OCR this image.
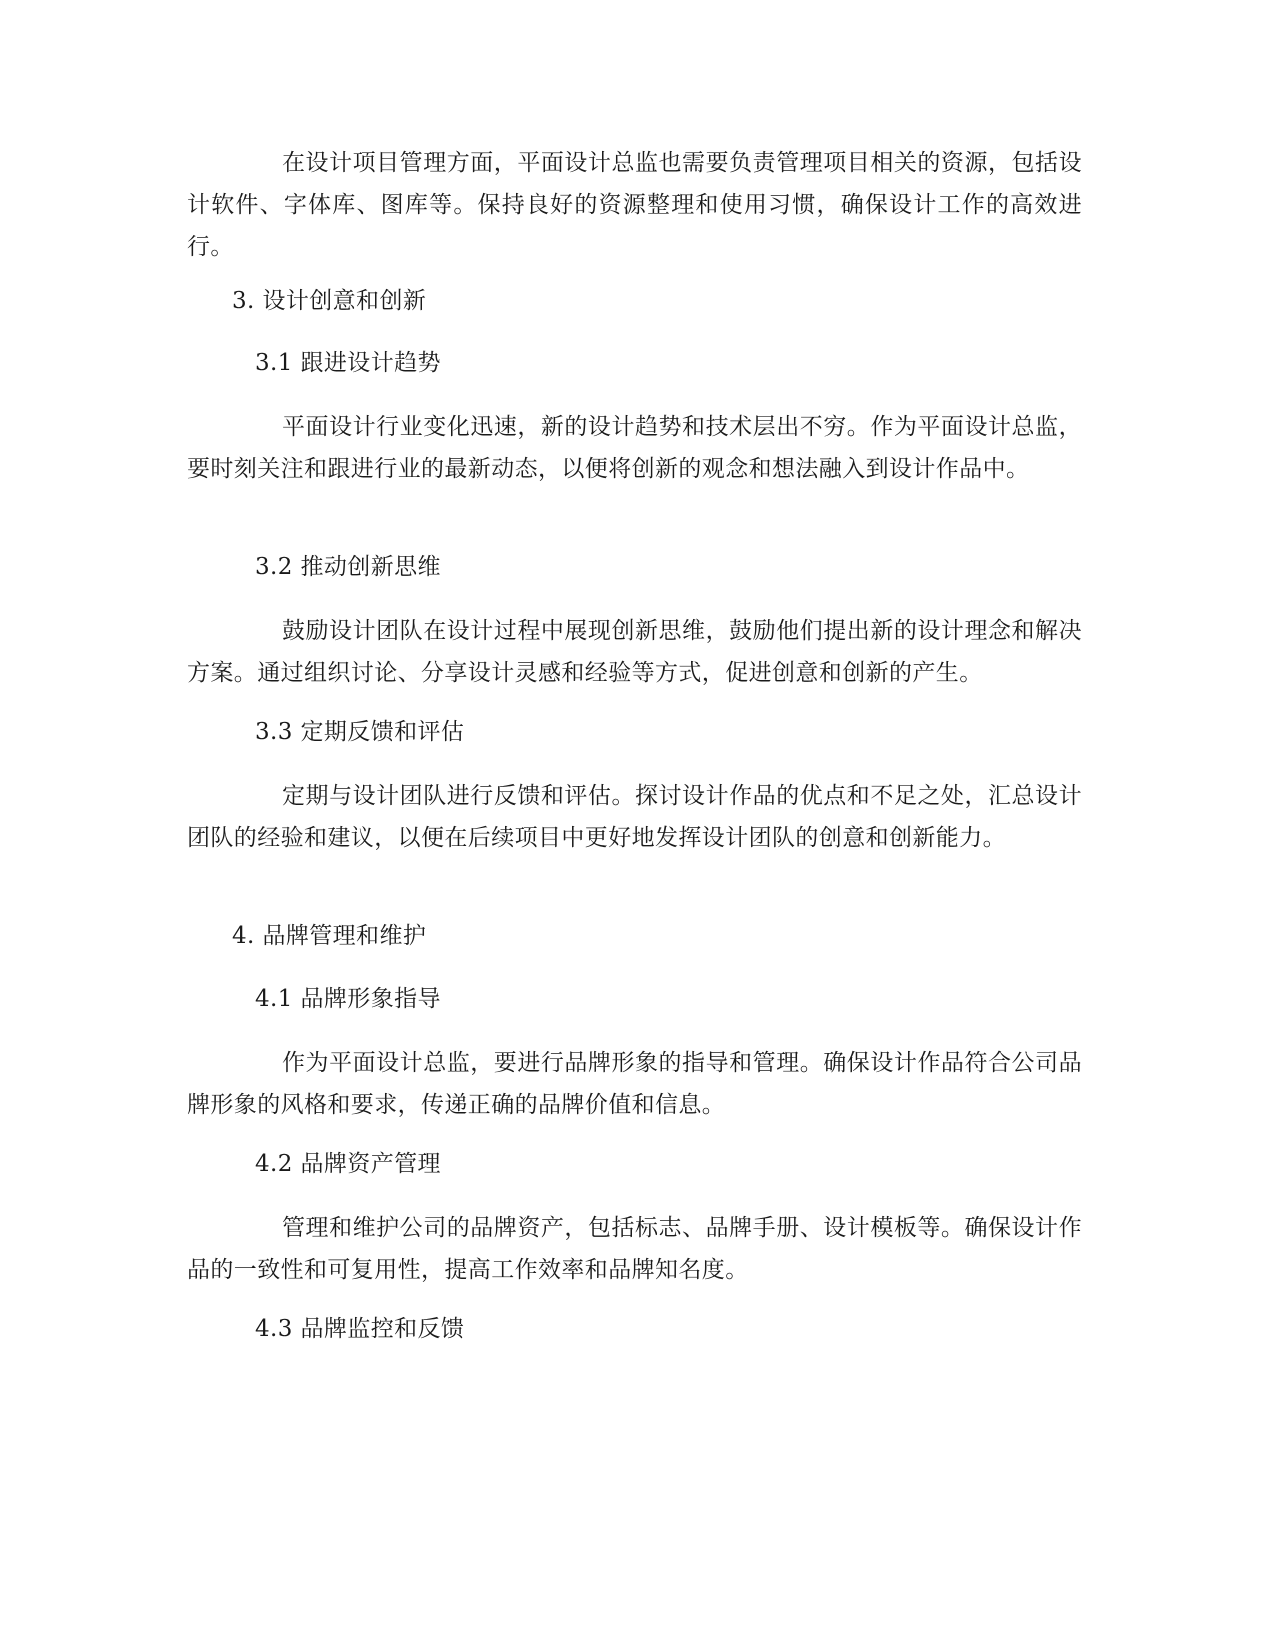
在设计项目管理方面，平面设计总监也需要负责管理项目相关的资源，包括设计软件、字体库、图库等。保持良好的资源整理和使用习惯，确保设计工作的高效进行。

3. 设计创意和创新

3.1 跟进设计趋势

平面设计行业变化迅速，新的设计趋势和技术层出不穷。作为平面设计总监，要时刻关注和跟进行业的最新动态，以便将创新的观念和想法融入到设计作品中。

3.2 推动创新思维

鼓励设计团队在设计过程中展现创新思维，鼓励他们提出新的设计理念和解决方案。通过组织讨论、分享设计灵感和经验等方式，促进创意和创新的产生。

3.3 定期反馈和评估

定期与设计团队进行反馈和评估。探讨设计作品的优点和不足之处，汇总设计团队的经验和建议，以便在后续项目中更好地发挥设计团队的创意和创新能力。

4. 品牌管理和维护

4.1 品牌形象指导

作为平面设计总监，要进行品牌形象的指导和管理。确保设计作品符合公司品牌形象的风格和要求，传递正确的品牌价值和信息。

4.2 品牌资产管理

管理和维护公司的品牌资产，包括标志、品牌手册、设计模板等。确保设计作品的一致性和可复用性，提高工作效率和品牌知名度。

4.3 品牌监控和反馈
